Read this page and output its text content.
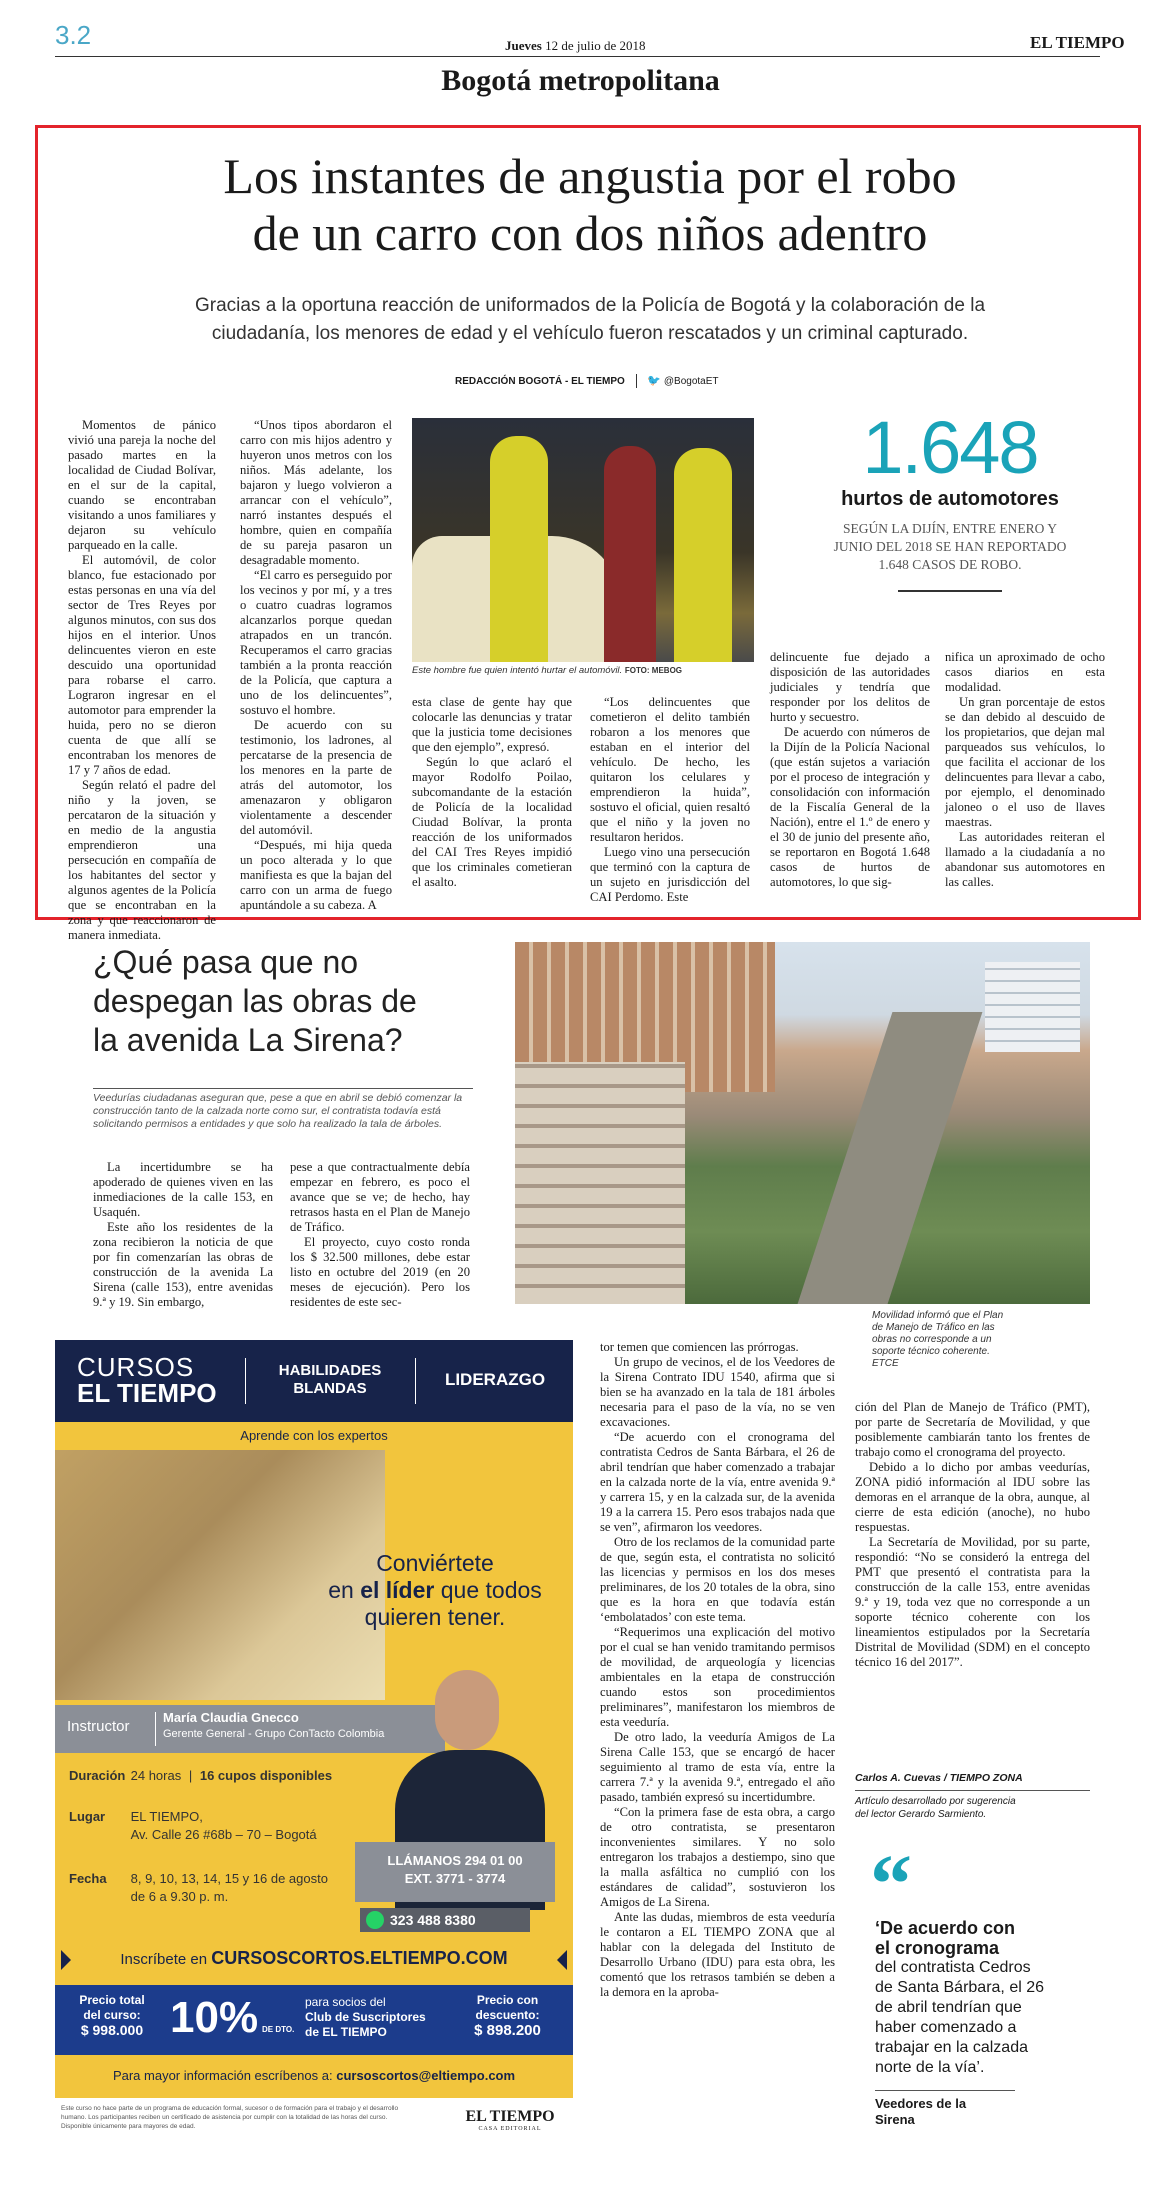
3.2	Jueves 12 de julio de 2018	EL TIEMPO
Bogotá metropolitana
Los instantes de angustia por el robo
de un carro con dos niños adentro
Gracias a la oportuna reacción de uniformados de la Policía de Bogotá y la colaboración de la
ciudadanía, los menores de edad y el vehículo fueron rescatados y un criminal capturado.
REDACCIÓN BOGOTÁ - EL TIEMPO 🐦 @BogotaET

Momentos de pánico vivió una pareja la noche del pasado martes en la localidad de Ciudad Bolívar, en el sur de la capital, cuando se encontraban visitando a unos familiares y dejaron su vehículo parqueado en la calle.

El automóvil, de color blanco, fue estacionado por estas personas en una vía del sector de Tres Reyes por algunos minutos, con sus dos hijos en el interior. Unos delincuentes vieron en este descuido una oportunidad para robarse el carro. Lograron ingresar en el automotor para emprender la huida, pero no se dieron cuenta de que allí se encontraban los menores de 17 y 7 años de edad.

Según relató el padre del niño y la joven, se percataron de la situación y en medio de la angustia emprendieron una persecución en compañía de los habitantes del sector y algunos agentes de la Policía que se encontraban en la zona y que reaccionaron de manera inmediata.

“Unos tipos abordaron el carro con mis hijos adentro y huyeron unos metros con los niños. Más adelante, los bajaron y luego volvieron a arrancar con el vehículo”, narró instantes después el hombre, quien en compañía de su pareja pasaron un desagradable momento.

“El carro es perseguido por los vecinos y por mí, y a tres o cuatro cuadras logramos alcanzarlos porque quedan atrapados en un trancón. Recuperamos el carro gracias también a la pronta reacción de la Policía, que captura a uno de los delincuentes”, sostuvo el hombre.

De acuerdo con su testimonio, los ladrones, al percatarse de la presencia de los menores en la parte de atrás del automotor, los amenazaron y obligaron violentamente a descender del automóvil.

“Después, mi hija queda un poco alterada y lo que manifiesta es que la bajan del carro con un arma de fuego apuntándole a su cabeza. A

Este hombre fue quien intentó hurtar el automóvil. FOTO: MEBOG
1.648
hurtos de automotores
SEGÚN LA DIJÍN, ENTRE ENERO Y
JUNIO DEL 2018 SE HAN REPORTADO
1.648 CASOS DE ROBO.

esta clase de gente hay que colocarle las denuncias y tratar que la justicia tome decisiones que den ejemplo”, expresó.

Según lo que aclaró el mayor Rodolfo Poilao, subcomandante de la estación de Policía de la localidad Ciudad Bolívar, la pronta reacción de los uniformados del CAI Tres Reyes impidió que los criminales cometieran el asalto.

“Los delincuentes que cometieron el delito también robaron a los menores que estaban en el interior del vehículo. De hecho, les quitaron los celulares y emprendieron la huida”, sostuvo el oficial, quien resaltó que el niño y la joven no resultaron heridos.

Luego vino una persecución que terminó con la captura de un sujeto en jurisdicción del CAI Perdomo. Este

delincuente fue dejado a disposición de las autoridades judiciales y tendría que responder por los delitos de hurto y secuestro.

De acuerdo con números de la Dijín de la Policía Nacional (que están sujetos a variación por el proceso de integración y consolidación con información de la Fiscalía General de la Nación), entre el 1.º de enero y el 30 de junio del presente año, se reportaron en Bogotá 1.648 casos de hurtos de automotores, lo que sig-

nifica un aproximado de ocho casos diarios en esta modalidad.

Un gran porcentaje de estos se dan debido al descuido de los propietarios, que dejan mal parqueados sus vehículos, lo que facilita el accionar de los delincuentes para llevar a cabo, por ejemplo, el denominado jaloneo o el uso de llaves maestras.

Las autoridades reiteran el llamado a la ciudadanía a no abandonar sus automotores en las calles.

¿Qué pasa que no
despegan las obras de
la avenida La Sirena?
Veedurías ciudadanas aseguran que, pese a que en abril se debió comenzar la construcción tanto de la calzada norte como sur, el contratista todavía está solicitando permisos a entidades y que solo ha realizado la tala de árboles.

La incertidumbre se ha apoderado de quienes viven en las inmediaciones de la calle 153, en Usaquén.

Este año los residentes de la zona recibieron la noticia de que por fin comenzarían las obras de construcción de la avenida La Sirena (calle 153), entre avenidas 9.ª y 19. Sin embargo,

pese a que contractualmente debía empezar en febrero, es poco el avance que se ve; de hecho, hay retrasos hasta en el Plan de Manejo de Tráfico.

El proyecto, cuyo costo ronda los $ 32.500 millones, debe estar listo en octubre del 2019 (en 20 meses de ejecución). Pero los residentes de este sec-

Movilidad informó que el Plan de Manejo de Tráfico en las obras no corresponde a un soporte técnico coherente. ETCE

tor temen que comiencen las prórrogas.

Un grupo de vecinos, el de los Veedores de la Sirena Contrato IDU 1540, afirma que si bien se ha avanzado en la tala de 181 árboles necesaria para el paso de la vía, no se ven excavaciones.

“De acuerdo con el cronograma del contratista Cedros de Santa Bárbara, el 26 de abril tendrían que haber comenzado a trabajar en la calzada norte de la vía, entre avenida 9.ª y carrera 15, y en la calzada sur, de la avenida 19 a la carrera 15. Pero esos trabajos nada que se ven”, afirmaron los veedores.

Otro de los reclamos de la comunidad parte de que, según esta, el contratista no solicitó las licencias y permisos en los dos meses preliminares, de los 20 totales de la obra, sino que es la hora en que todavía están ‘embolatados’ con este tema.

“Requerimos una explicación del motivo por el cual se han venido tramitando permisos de movilidad, de arqueología y licencias ambientales en la etapa de construcción cuando estos son procedimientos preliminares”, manifestaron los miembros de esta veeduría.

De otro lado, la veeduría Amigos de La Sirena Calle 153, que se encargó de hacer seguimiento al tramo de esta vía, entre la carrera 7.ª y la avenida 9.ª, entregado el año pasado, también expresó su incertidumbre.

“Con la primera fase de esta obra, a cargo de otro contratista, se presentaron inconvenientes similares. Y no solo entregaron los trabajos a destiempo, sino que la malla asfáltica no cumplió con los estándares de calidad”, sostuvieron los Amigos de La Sirena.

Ante las dudas, miembros de esta veeduría le contaron a EL TIEMPO ZONA que al hablar con la delegada del Instituto de Desarrollo Urbano (IDU) para esta obra, les comentó que los retrasos también se deben a la demora en la aproba-

ción del Plan de Manejo de Tráfico (PMT), por parte de Secretaría de Movilidad, y que posiblemente cambiarán tanto los frentes de trabajo como el cronograma del proyecto.

Debido a lo dicho por ambas veedurías, ZONA pidió información al IDU sobre las demoras en el arranque de la obra, aunque, al cierre de esta edición (anoche), no hubo respuestas.

La Secretaría de Movilidad, por su parte, respondió: “No se consideró la entrega del PMT que presentó el contratista para la construcción de la calle 153, entre avenidas 9.ª y 19, toda vez que no corresponde a un soporte técnico coherente con los lineamientos estipulados por la Secretaría Distrital de Movilidad (SDM) en el concepto técnico 16 del 2017”.

Carlos A. Cuevas / TIEMPO ZONA
Artículo desarrollado por sugerencia
del lector Gerardo Sarmiento.
“
‘De acuerdo con
el cronograma
del contratista Cedros
de Santa Bárbara, el 26
de abril tendrían que
haber comenzado a
trabajar en la calzada
norte de la vía’.
Veedores de la
Sirena
CURSOS
EL TIEMPO
HABILIDADES
BLANDAS	LIDERAZGO
Aprende con los expertos
Conviértete
en el líder que todos
quieren tener.
Instructor
María Claudia Gnecco
Gerente General - Grupo ConTacto Colombia
Duración 24 horas | 16 cupos disponibles
Lugar EL TIEMPO,
Av. Calle 26 #68b – 70 – Bogotá
Fecha 8, 9, 10, 13, 14, 15 y 16 de agosto
de 6 a 9.30 p. m.
LLÁMANOS 294 01 00
EXT. 3771 - 3774
323 488 8380
Inscríbete en CURSOSCORTOS.ELTIEMPO.COM
Precio total
del curso:
$ 998.000 10% DE DTO.
para socios del
Club de Suscriptores
de EL TIEMPO
Precio con
descuento:
$ 898.200
Para mayor información escríbenos a: cursoscortos@eltiempo.com
Este curso no hace parte de un programa de educación formal, sucesor o de formación para el trabajo y el desarrollo
humano. Los participantes reciben un certificado de asistencia por cumplir con la totalidad de las horas del curso.
Disponible únicamente para mayores de edad.
EL TIEMPO
CASA EDITORIAL
